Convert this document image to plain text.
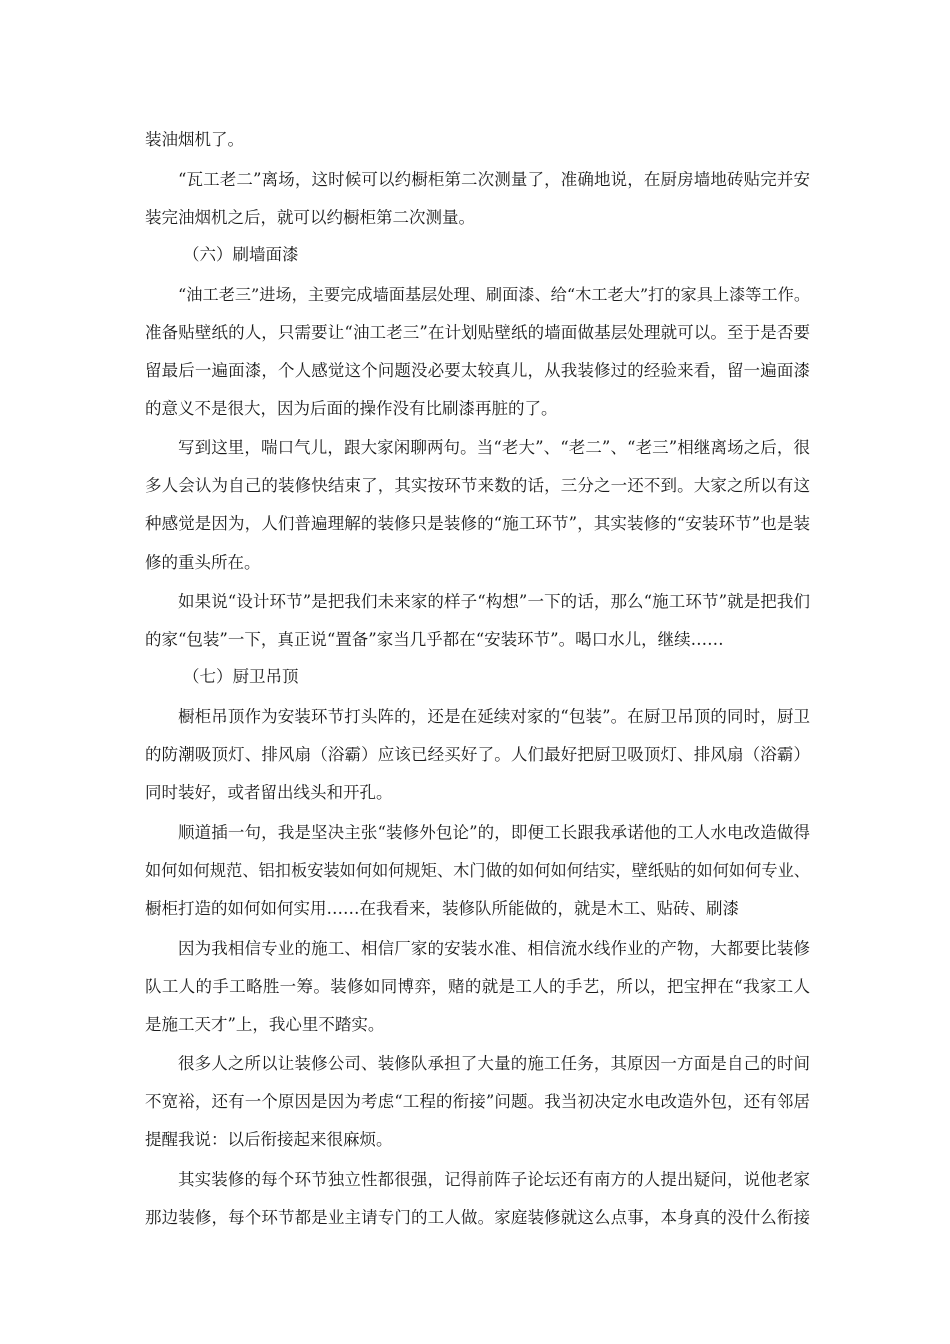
装油烟机了。
“瓦工老二”离场，这时候可以约橱柜第二次测量了，准确地说，在厨房墙地砖贴完并安
装完油烟机之后，就可以约橱柜第二次测量。
（六）刷墙面漆
“油工老三”进场，主要完成墙面基层处理、刷面漆、给“木工老大”打的家具上漆等工作。
准备贴壁纸的人，只需要让“油工老三”在计划贴壁纸的墙面做基层处理就可以。至于是否要
留最后一遍面漆，个人感觉这个问题没必要太较真儿，从我装修过的经验来看，留一遍面漆
的意义不是很大，因为后面的操作没有比刷漆再脏的了。
写到这里，喘口气儿，跟大家闲聊两句。当“老大”、“老二”、“老三”相继离场之后，很
多人会认为自己的装修快结束了，其实按环节来数的话，三分之一还不到。大家之所以有这
种感觉是因为，人们普遍理解的装修只是装修的“施工环节”，其实装修的“安装环节”也是装
修的重头所在。
如果说“设计环节”是把我们未来家的样子“构想”一下的话，那么“施工环节”就是把我们
的家“包装”一下，真正说“置备”家当几乎都在“安装环节”。喝口水儿，继续……
（七）厨卫吊顶
橱柜吊顶作为安装环节打头阵的，还是在延续对家的“包装”。在厨卫吊顶的同时，厨卫
的防潮吸顶灯、排风扇（浴霸）应该已经买好了。人们最好把厨卫吸顶灯、排风扇（浴霸）
同时装好，或者留出线头和开孔。
顺道插一句，我是坚决主张“装修外包论”的，即便工长跟我承诺他的工人水电改造做得
如何如何规范、铝扣板安装如何如何规矩、木门做的如何如何结实，壁纸贴的如何如何专业、
橱柜打造的如何如何实用……在我看来，装修队所能做的，就是木工、贴砖、刷漆
因为我相信专业的施工、相信厂家的安装水准、相信流水线作业的产物，大都要比装修
队工人的手工略胜一筹。装修如同博弈，赌的就是工人的手艺，所以，把宝押在“我家工人
是施工天才”上，我心里不踏实。
很多人之所以让装修公司、装修队承担了大量的施工任务，其原因一方面是自己的时间
不宽裕，还有一个原因是因为考虑“工程的衔接”问题。我当初决定水电改造外包，还有邻居
提醒我说：以后衔接起来很麻烦。
其实装修的每个环节独立性都很强，记得前阵子论坛还有南方的人提出疑问，说他老家
那边装修，每个环节都是业主请专门的工人做。家庭装修就这么点事，本身真的没什么衔接
